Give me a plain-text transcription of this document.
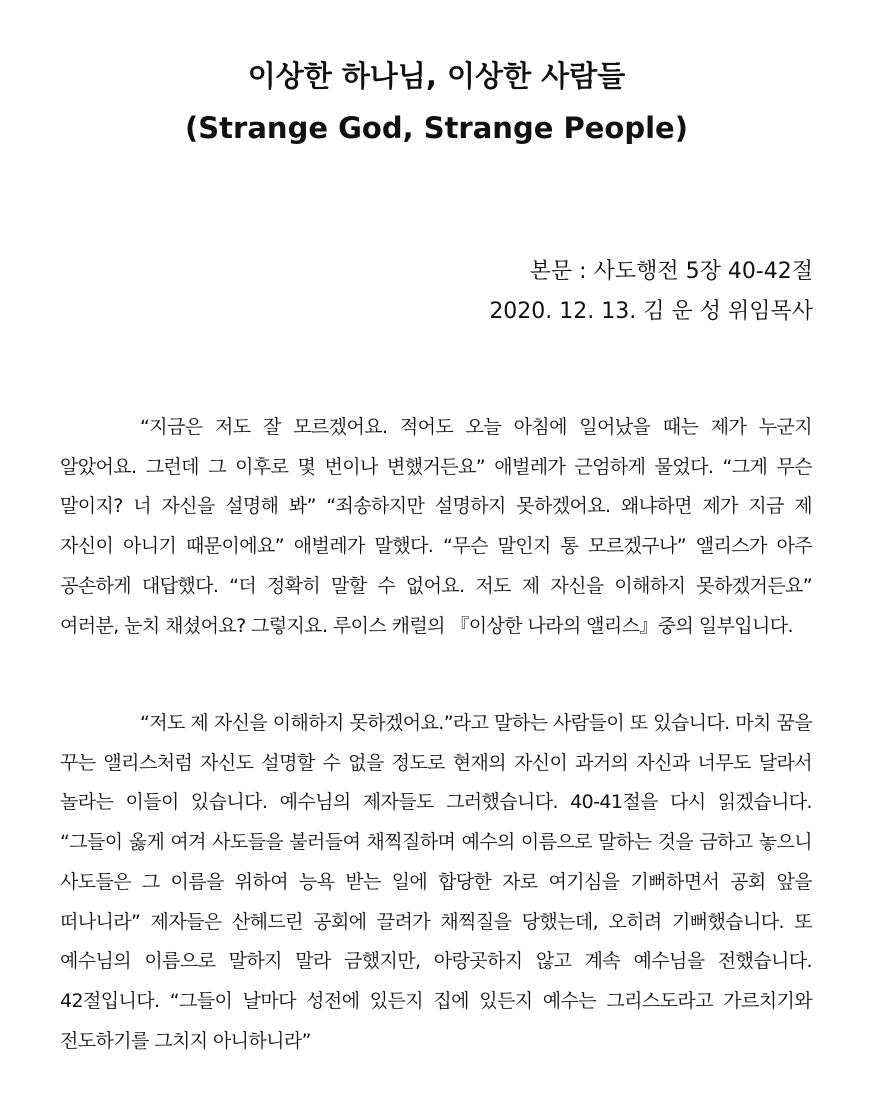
이상한 하나님, 이상한 사람들
(Strange God, Strange People)
본문 : 사도행전 5장 40-42절
2020. 12. 13. 김 운 성 위임목사

“지금은 저도 잘 모르겠어요. 적어도 오늘 아침에 일어났을 때는 제가 누군지 알았어요. 그런데 그 이후로 몇 번이나 변했거든요” 애벌레가 근엄하게 물었다. “그게 무슨 말이지? 너 자신을 설명해 봐” “죄송하지만 설명하지 못하겠어요. 왜냐하면 제가 지금 제 자신이 아니기 때문이에요” 애벌레가 말했다. “무슨 말인지 통 모르겠구나” 앨리스가 아주 공손하게 대답했다. “더 정확히 말할 수 없어요. 저도 제 자신을 이해하지 못하겠거든요” 여러분, 눈치 채셨어요? 그렇지요. 루이스 캐럴의 『이상한 나라의 앨리스』중의 일부입니다.

“저도 제 자신을 이해하지 못하겠어요.”라고 말하는 사람들이 또 있습니다. 마치 꿈을 꾸는 앨리스처럼 자신도 설명할 수 없을 정도로 현재의 자신이 과거의 자신과 너무도 달라서 놀라는 이들이 있습니다. 예수님의 제자들도 그러했습니다. 40-41절을 다시 읽겠습니다. “그들이 옳게 여겨 사도들을 불러들여 채찍질하며 예수의 이름으로 말하는 것을 금하고 놓으니 사도들은 그 이름을 위하여 능욕 받는 일에 합당한 자로 여기심을 기뻐하면서 공회 앞을 떠나니라” 제자들은 산헤드린 공회에 끌려가 채찍질을 당했는데, 오히려 기뻐했습니다. 또 예수님의 이름으로 말하지 말라 금했지만, 아랑곳하지 않고 계속 예수님을 전했습니다. 42절입니다. “그들이 날마다 성전에 있든지 집에 있든지 예수는 그리스도라고 가르치기와 전도하기를 그치지 아니하니라”
